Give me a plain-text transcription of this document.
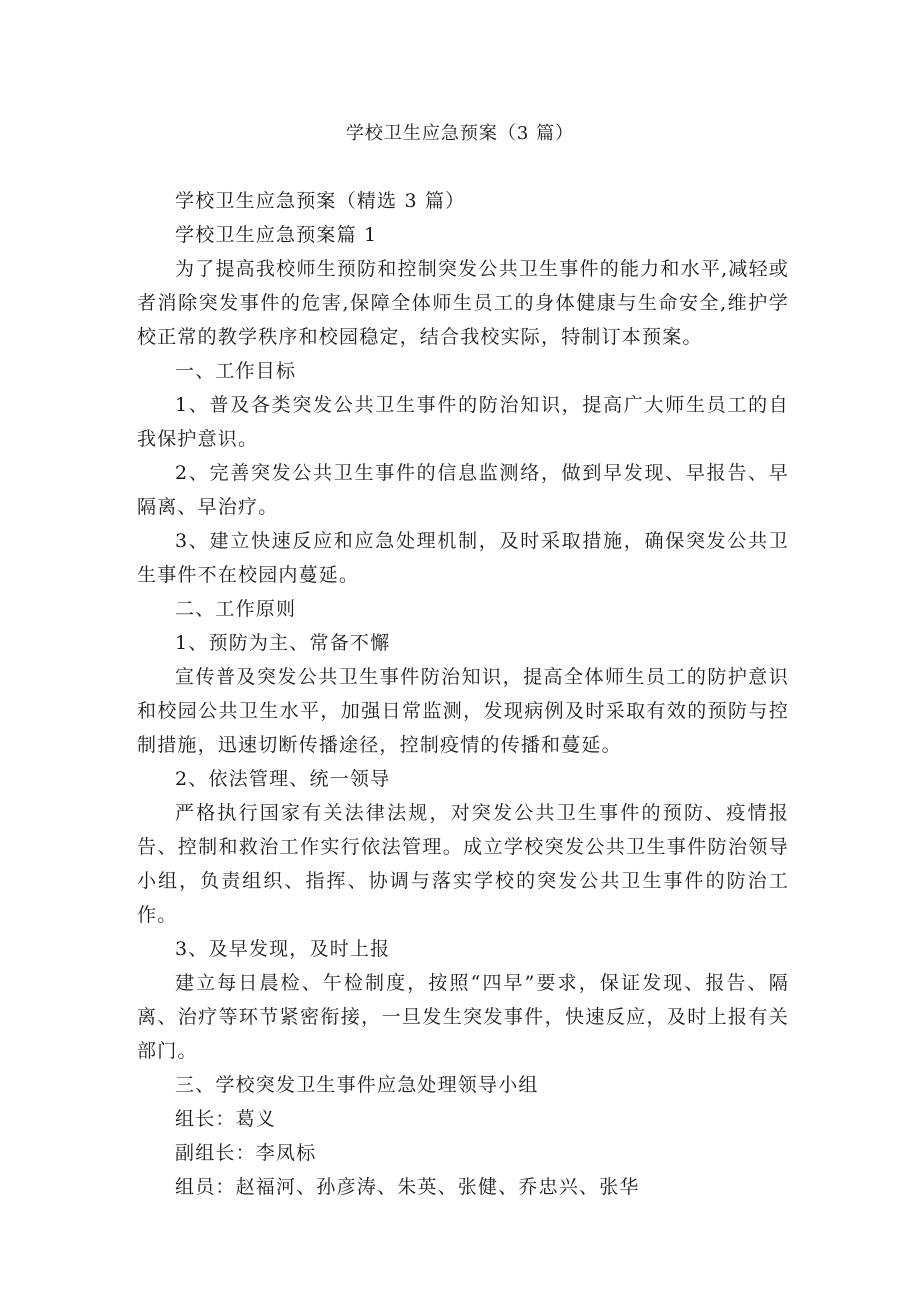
学校卫生应急预案（3 篇）

学校卫生应急预案（精选 3 篇）

学校卫生应急预案篇 1

为了提高我校师生预防和控制突发公共卫生事件的能力和水平,减轻或者消除突发事件的危害,保障全体师生员工的身体健康与生命安全,维护学校正常的教学秩序和校园稳定，结合我校实际，特制订本预案。

一、工作目标

1、普及各类突发公共卫生事件的防治知识，提高广大师生员工的自我保护意识。

2、完善突发公共卫生事件的信息监测络，做到早发现、早报告、早隔离、早治疗。

3、建立快速反应和应急处理机制，及时采取措施，确保突发公共卫生事件不在校园内蔓延。

二、工作原则

1、预防为主、常备不懈

宣传普及突发公共卫生事件防治知识，提高全体师生员工的防护意识和校园公共卫生水平，加强日常监测，发现病例及时采取有效的预防与控制措施，迅速切断传播途径，控制疫情的传播和蔓延。

2、依法管理、统一领导

严格执行国家有关法律法规，对突发公共卫生事件的预防、疫情报告、控制和救治工作实行依法管理。成立学校突发公共卫生事件防治领导小组，负责组织、指挥、协调与落实学校的突发公共卫生事件的防治工作。

3、及早发现，及时上报

建立每日晨检、午检制度，按照“四早”要求，保证发现、报告、隔离、治疗等环节紧密衔接，一旦发生突发事件，快速反应，及时上报有关部门。

三、学校突发卫生事件应急处理领导小组

组长：葛义

副组长：李凤标

组员：赵福河、孙彦涛、朱英、张健、乔忠兴、张华
